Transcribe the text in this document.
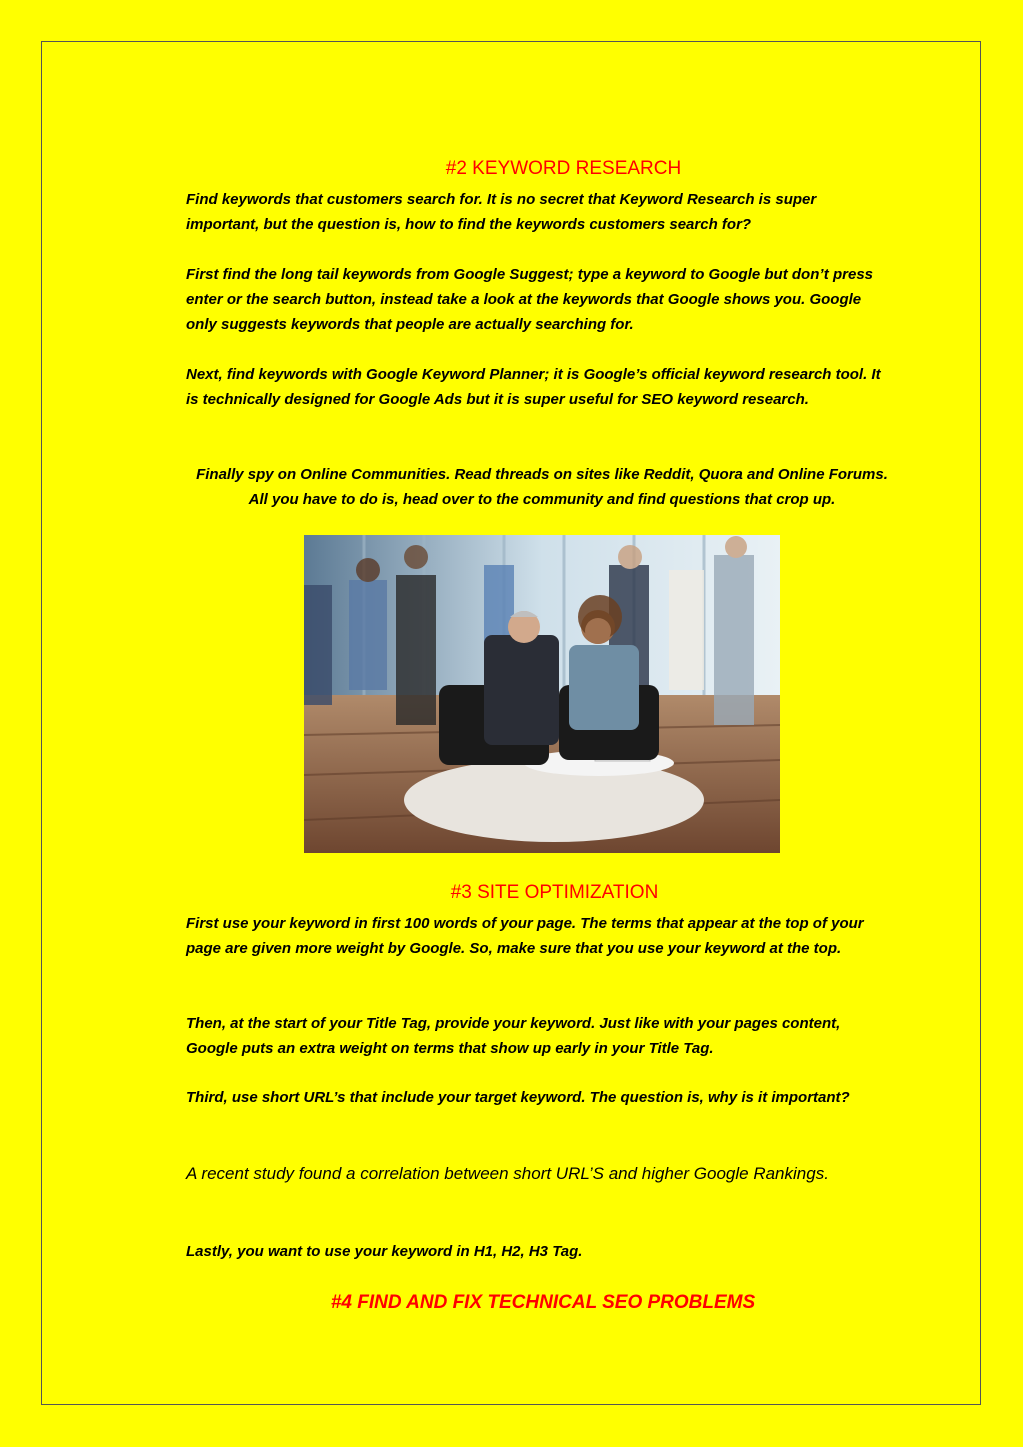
#2 KEYWORD RESEARCH

Find keywords that customers search for. It is no secret that Keyword Research is super important, but the question is, how to find the keywords customers search for?

First find the long tail keywords from Google Suggest; type a keyword to Google but don’t press enter or the search button, instead take a look at the keywords that Google shows you. Google only suggests keywords that people are actually searching for.

Next, find keywords with Google Keyword Planner; it is Google’s official keyword research tool. It is technically designed for Google Ads but it is super useful for SEO keyword research.

Finally spy on Online Communities. Read threads on sites like Reddit, Quora and Online Forums. All you have to do is, head over to the community and find questions that crop up.

#3 SITE OPTIMIZATION

First use your keyword in first 100 words of your page. The terms that appear at the top of your page are given more weight by Google. So, make sure that you use your keyword at the top.

Then, at the start of your Title Tag, provide your keyword. Just like with your pages content, Google puts an extra weight on terms that show up early in your Title Tag.

Third, use short URL’s that include your target keyword. The question is, why is it important?

A recent study found a correlation between short URL’S and higher Google Rankings.

Lastly, you want to use your keyword in H1, H2, H3 Tag.

#4 FIND AND FIX TECHNICAL SEO PROBLEMS
